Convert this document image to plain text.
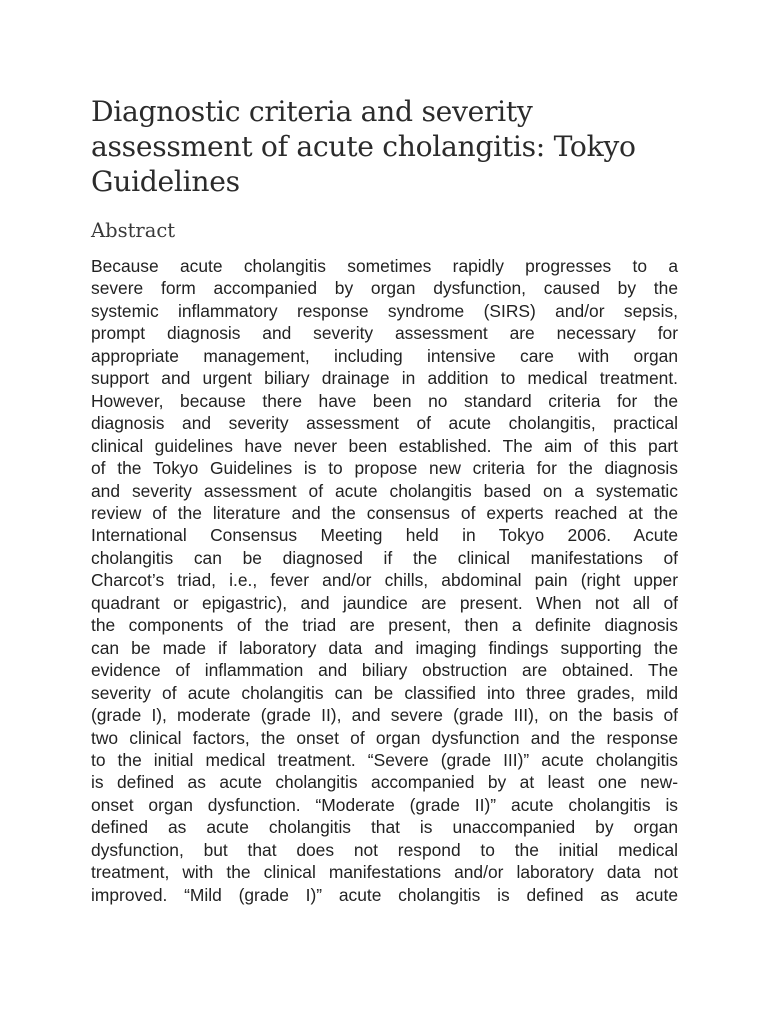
Diagnostic criteria and severity assessment of acute cholangitis: Tokyo Guidelines
Abstract
Because acute cholangitis sometimes rapidly progresses to a
severe form accompanied by organ dysfunction, caused by the
systemic inflammatory response syndrome (SIRS) and/or sepsis,
prompt diagnosis and severity assessment are necessary for
appropriate management, including intensive care with organ
support and urgent biliary drainage in addition to medical treatment.
However, because there have been no standard criteria for the
diagnosis and severity assessment of acute cholangitis, practical
clinical guidelines have never been established. The aim of this part
of the Tokyo Guidelines is to propose new criteria for the diagnosis
and severity assessment of acute cholangitis based on a systematic
review of the literature and the consensus of experts reached at the
International Consensus Meeting held in Tokyo 2006. Acute
cholangitis can be diagnosed if the clinical manifestations of
Charcot’s triad, i.e., fever and/or chills, abdominal pain (right upper
quadrant or epigastric), and jaundice are present. When not all of
the components of the triad are present, then a definite diagnosis
can be made if laboratory data and imaging findings supporting the
evidence of inflammation and biliary obstruction are obtained. The
severity of acute cholangitis can be classified into three grades, mild
(grade I), moderate (grade II), and severe (grade III), on the basis of
two clinical factors, the onset of organ dysfunction and the response
to the initial medical treatment. “Severe (grade III)” acute cholangitis
is defined as acute cholangitis accompanied by at least one new-
onset organ dysfunction. “Moderate (grade II)” acute cholangitis is
defined as acute cholangitis that is unaccompanied by organ
dysfunction, but that does not respond to the initial medical
treatment, with the clinical manifestations and/or laboratory data not
improved. “Mild (grade I)” acute cholangitis is defined as acute
